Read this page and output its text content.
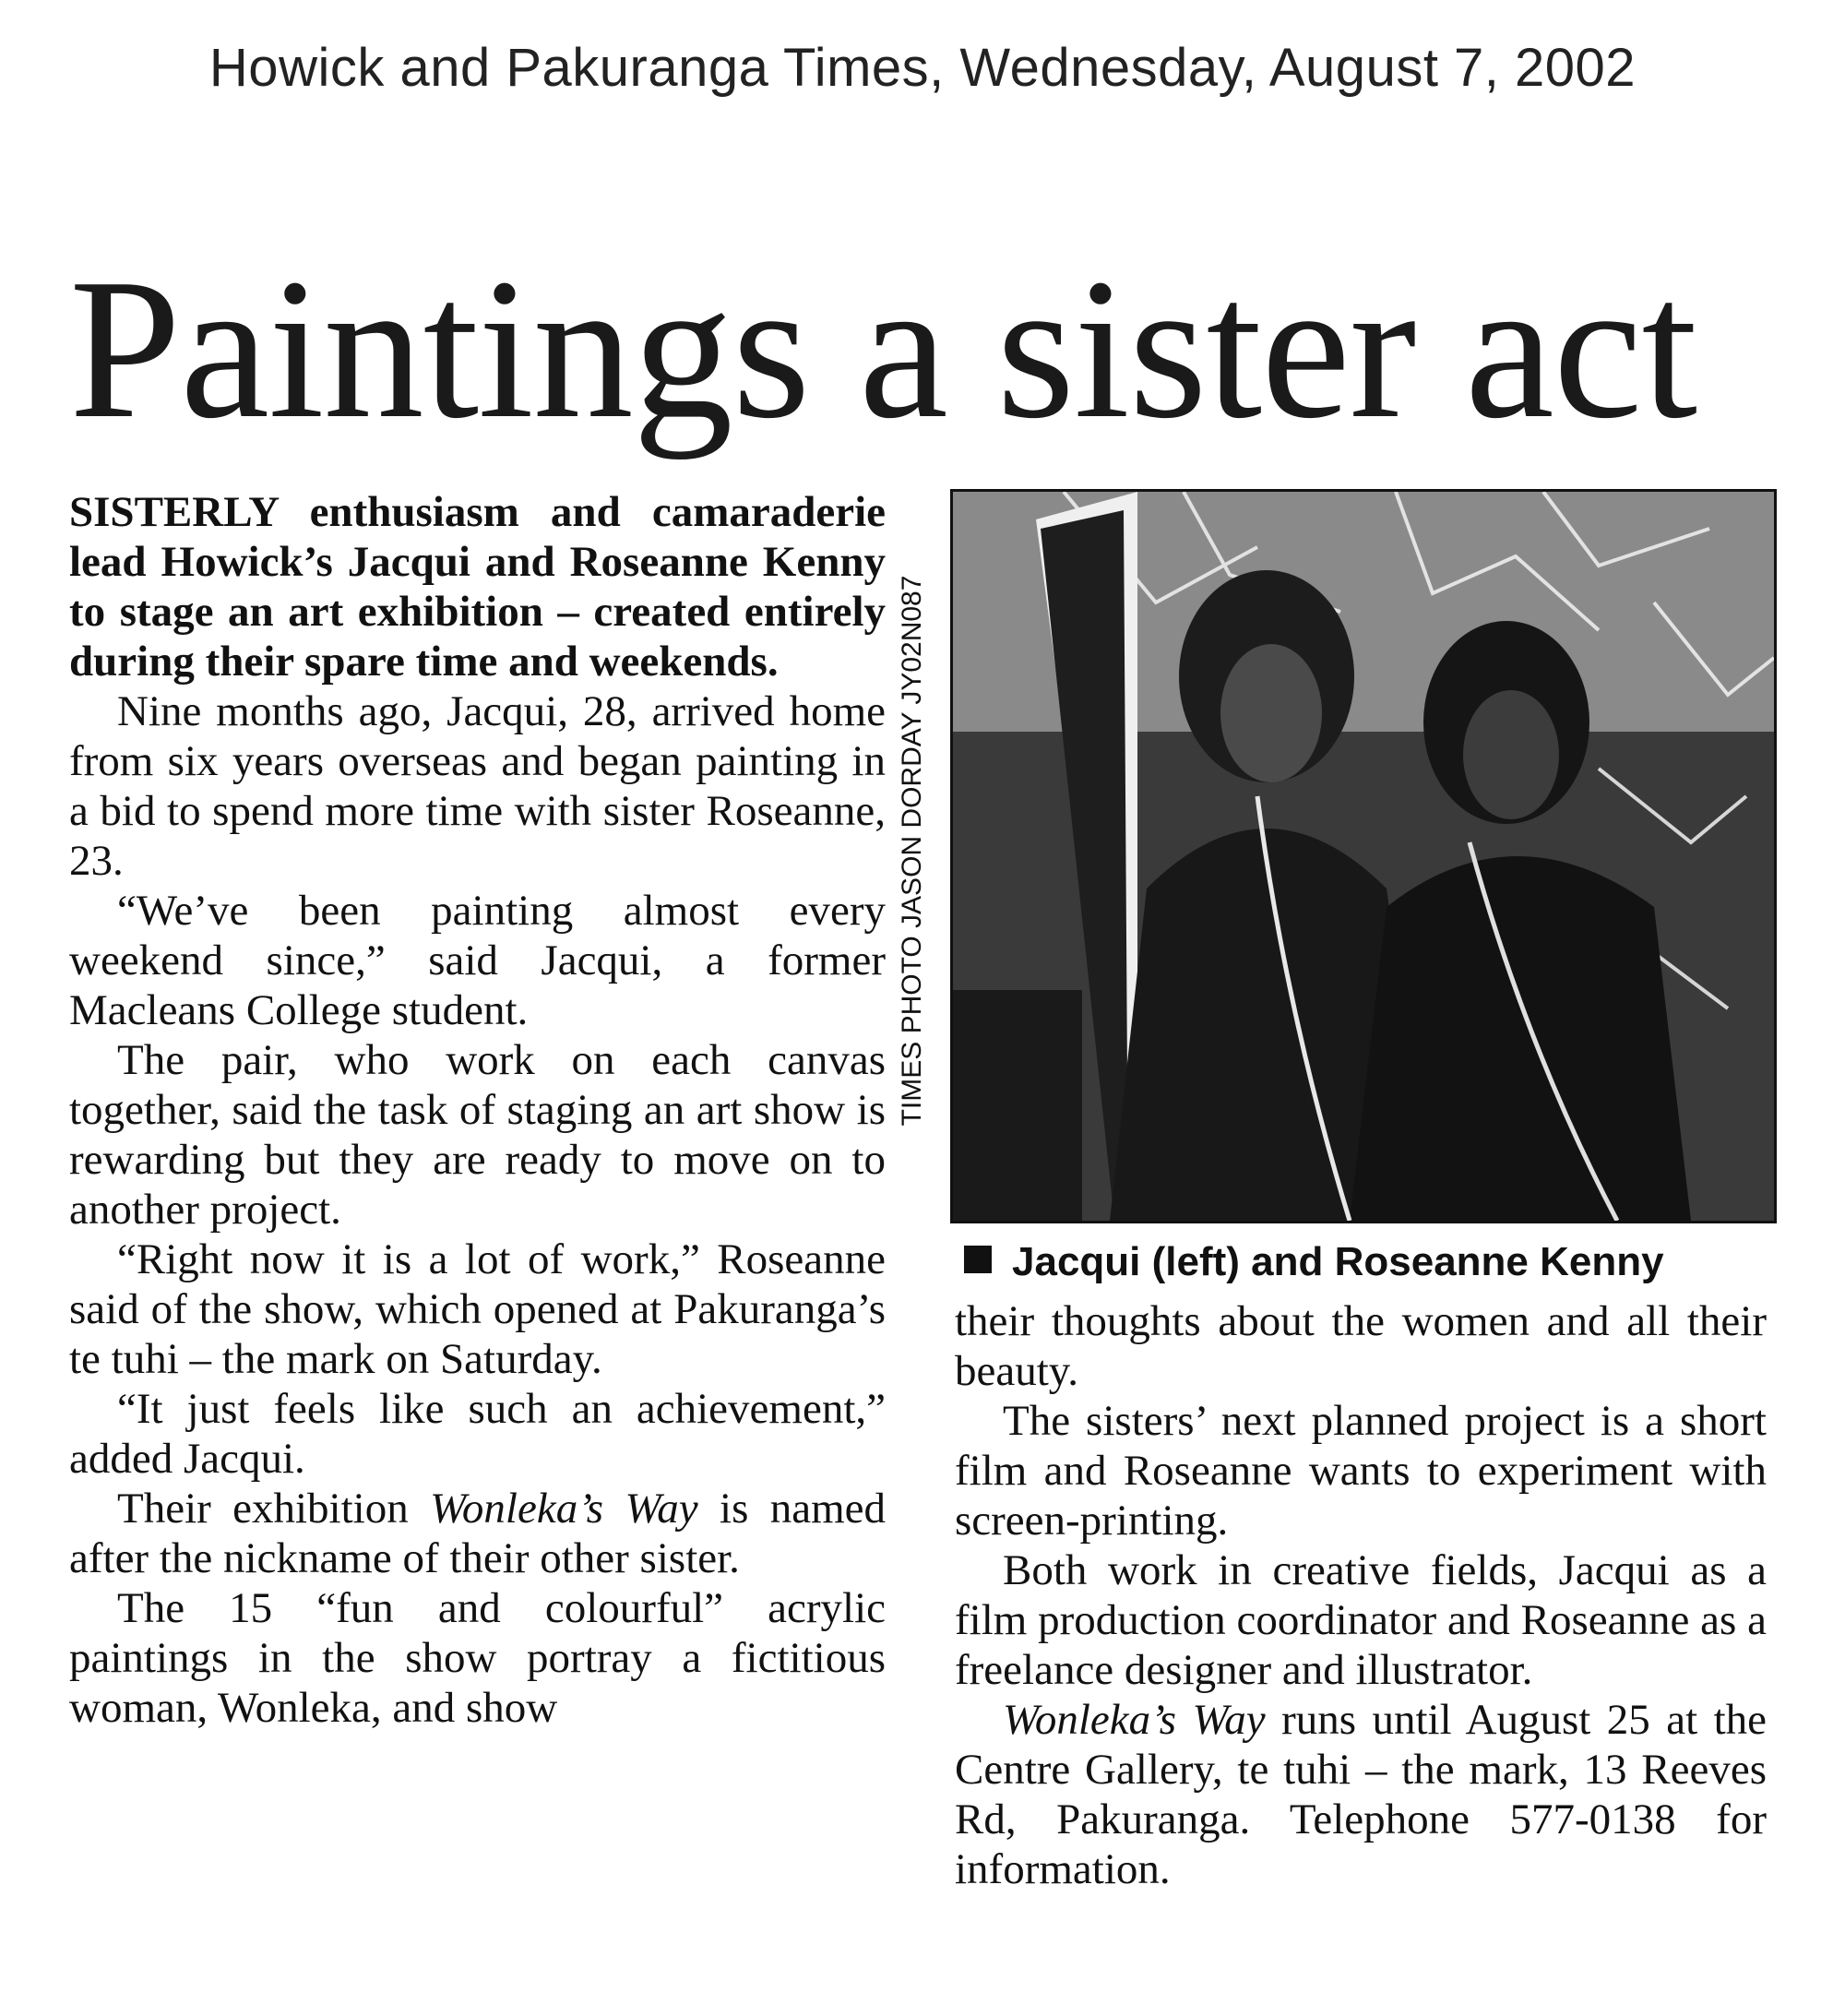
Howick and Pakuranga Times, Wednesday, August 7, 2002
Paintings a sister act

SISTERLY enthusiasm and camaraderie lead Howick’s Jacqui and Roseanne Kenny to stage an art exhibition – created entirely during their spare time and weekends.

Nine months ago, Jacqui, 28, arrived home from six years overseas and began painting in a bid to spend more time with sister Roseanne, 23.

“We’ve been painting almost every weekend since,” said Jacqui, a former Macleans College student.

The pair, who work on each canvas together, said the task of staging an art show is rewarding but they are ready to move on to another project.

“Right now it is a lot of work,” Roseanne said of the show, which opened at Pakuranga’s te tuhi – the mark on Saturday.

“It just feels like such an achievement,” added Jacqui.

Their exhibition Wonleka’s Way is named after the nickname of their other sister.

The 15 “fun and colourful” acrylic paintings in the show portray a fictitious woman, Wonleka, and show

TIMES PHOTO JASON DORDAY JY02N087
Jacqui (left) and Roseanne Kenny

their thoughts about the women and all their beauty.

The sisters’ next planned project is a short film and Roseanne wants to experiment with screen-printing.

Both work in creative fields, Jacqui as a film production coordinator and Roseanne as a freelance designer and illustrator.

Wonleka’s Way runs until August 25 at the Centre Gallery, te tuhi – the mark, 13 Reeves Rd, Pakuranga. Telephone 577-0138 for information.
